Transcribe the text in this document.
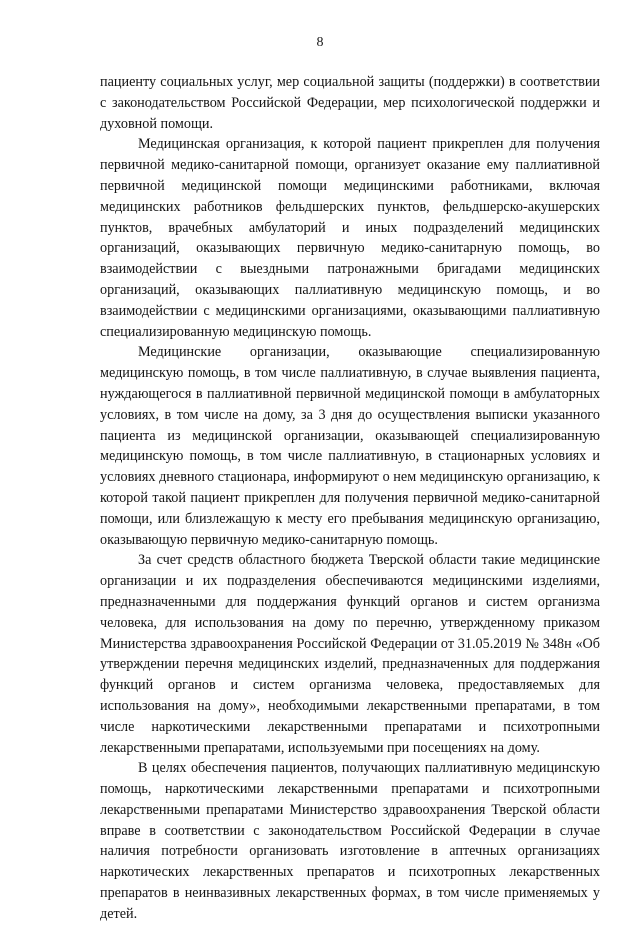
8

пациенту социальных услуг, мер социальной защиты (поддержки) в соответствии с законодательством Российской Федерации, мер психологической поддержки и духовной помощи.

Медицинская организация, к которой пациент прикреплен для получения первичной медико-санитарной помощи, организует оказание ему паллиативной первичной медицинской помощи медицинскими работниками, включая медицинских работников фельдшерских пунктов, фельдшерско-акушерских пунктов, врачебных амбулаторий и иных подразделений медицинских организаций, оказывающих первичную медико-санитарную помощь, во взаимодействии с выездными патронажными бригадами медицинских организаций, оказывающих паллиативную медицинскую помощь, и во взаимодействии с медицинскими организациями, оказывающими паллиативную специализированную медицинскую помощь.

Медицинские организации, оказывающие специализированную медицинскую помощь, в том числе паллиативную, в случае выявления пациента, нуждающегося в паллиативной первичной медицинской помощи в амбулаторных условиях, в том числе на дому, за 3 дня до осуществления выписки указанного пациента из медицинской организации, оказывающей специализированную медицинскую помощь, в том числе паллиативную, в стационарных условиях и условиях дневного стационара, информируют о нем медицинскую организацию, к которой такой пациент прикреплен для получения первичной медико-санитарной помощи, или близлежащую к месту его пребывания медицинскую организацию, оказывающую первичную медико-санитарную помощь.

За счет средств областного бюджета Тверской области такие медицинские организации и их подразделения обеспечиваются медицинскими изделиями, предназначенными для поддержания функций органов и систем организма человека, для использования на дому по перечню, утвержденному приказом Министерства здравоохранения Российской Федерации от 31.05.2019 № 348н «Об утверждении перечня медицинских изделий, предназначенных для поддержания функций органов и систем организма человека, предоставляемых для использования на дому», необходимыми лекарственными препаратами, в том числе наркотическими лекарственными препаратами и психотропными лекарственными препаратами, используемыми при посещениях на дому.

В целях обеспечения пациентов, получающих паллиативную медицинскую помощь, наркотическими лекарственными препаратами и психотропными лекарственными препаратами Министерство здравоохранения Тверской области вправе в соответствии с законодательством Российской Федерации в случае наличия потребности организовать изготовление в аптечных организациях наркотических лекарственных препаратов и психотропных лекарственных препаратов в неинвазивных лекарственных формах, в том числе применяемых у детей.
